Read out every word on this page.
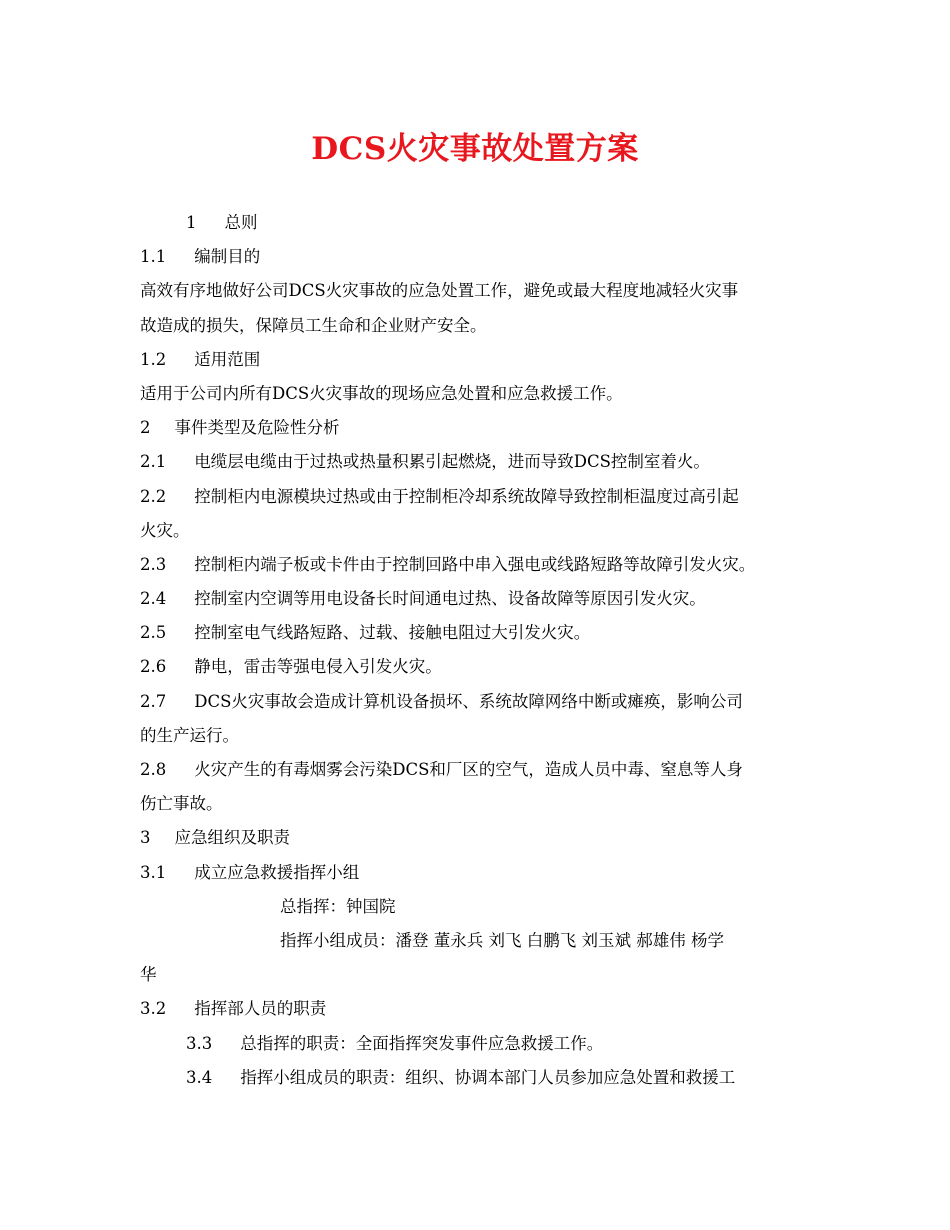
DCS火灾事故处置方案
1 总则
1.1 编制目的
高效有序地做好公司DCS火灾事故的应急处置工作，避免或最大程度地减轻火灾事
故造成的损失，保障员工生命和企业财产安全。
1.2 适用范围
适用于公司内所有DCS火灾事故的现场应急处置和应急救援工作。
2 事件类型及危险性分析
2.1 电缆层电缆由于过热或热量积累引起燃烧，进而导致DCS控制室着火。
2.2 控制柜内电源模块过热或由于控制柜冷却系统故障导致控制柜温度过高引起
火灾。
2.3 控制柜内端子板或卡件由于控制回路中串入强电或线路短路等故障引发火灾。
2.4 控制室内空调等用电设备长时间通电过热、设备故障等原因引发火灾。
2.5 控制室电气线路短路、过载、接触电阻过大引发火灾。
2.6 静电，雷击等强电侵入引发火灾。
2.7 DCS火灾事故会造成计算机设备损坏、系统故障网络中断或瘫痪，影响公司
的生产运行。
2.8 火灾产生的有毒烟雾会污染DCS和厂区的空气，造成人员中毒、窒息等人身
伤亡事故。
3 应急组织及职责
3.1 成立应急救援指挥小组
总指挥：钟国院
指挥小组成员：潘登 董永兵 刘飞 白鹏飞 刘玉斌 郝雄伟 杨学
华
3.2 指挥部人员的职责
3.3 总指挥的职责：全面指挥突发事件应急救援工作。
3.4 指挥小组成员的职责：组织、协调本部门人员参加应急处置和救援工
